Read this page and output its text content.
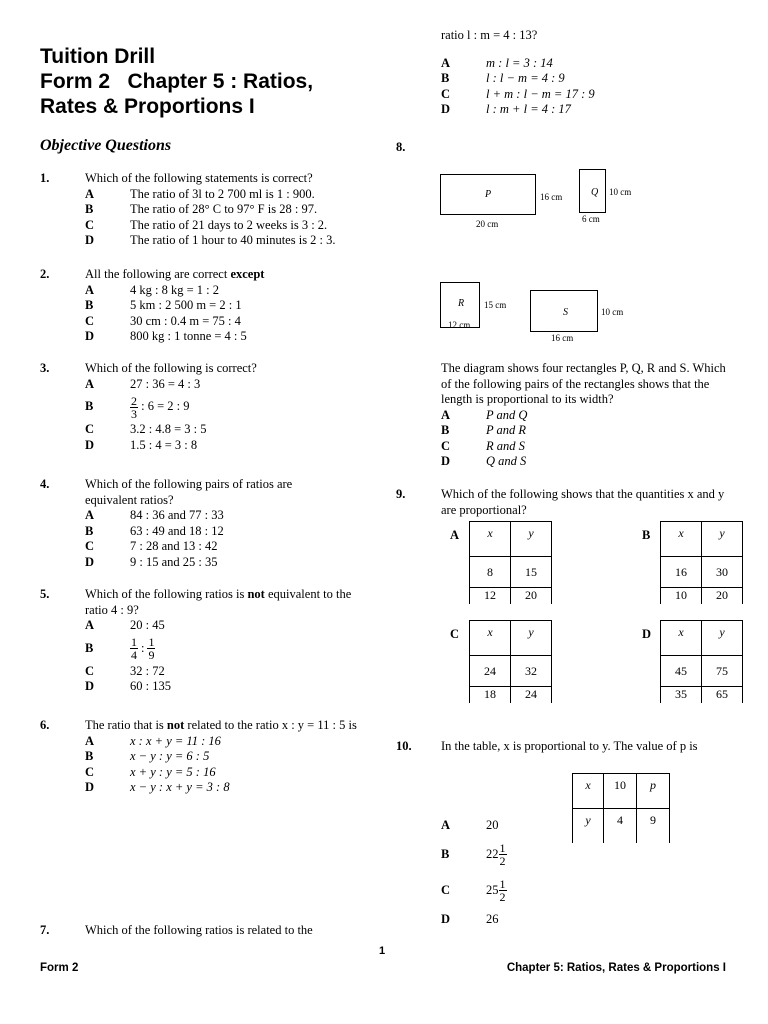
Tuition Drill
Form 2   Chapter 5 : Ratios,
Rates & Proportions I
Objective Questions
1.	Which of the following statements is correct?
A	The ratio of 3l to 2 700 ml is 1 : 900.
B	The ratio of 28° C to 97° F is 28 : 97.
C	The ratio of 21 days to 2 weeks is 3 : 2.
D	The ratio of 1 hour to 40 minutes is 2 : 3.
2.	All the following are correct except
A	4 kg : 8 kg = 1 : 2
B	5 km : 2 500 m = 2 : 1
C	30 cm : 0.4 m = 75 : 4
D	800 kg : 1 tonne = 4 : 5
3.	Which of the following is correct?
A	27 : 36 = 4 : 3
B	$\frac{2}{3}$ : 6 = 2 : 9
C	3.2 : 4.8 = 3 : 5
D	1.5 : 4 = 3 : 8
4.	Which of the following pairs of ratios are equivalent ratios?
A	84 : 36 and 77 : 33
B	63 : 49 and 18 : 12
C	7 : 28 and 13 : 42
D	9 : 15 and 25 : 35
5.	Which of the following ratios is not equivalent to the ratio 4 : 9?
A	20 : 45
B	$\frac{1}{4}$ : $\frac{1}{9}$
C	32 : 72
D	60 : 135
6.	The ratio that is not related to the ratio x : y = 11 : 5 is
A	x : x + y = 11 : 16
B	x − y : y = 6 : 5
C	x + y : y = 5 : 16
D	x − y : x + y = 3 : 8
7.	Which of the following ratios is related to the
ratio l : m = 4 : 13?
A	m : l = 3 : 14
B	l : l − m = 4 : 9
C	l + m : l − m = 17 : 9
D	l : m + l = 4 : 17
8.
P	16 cm
20 cm
Q 10 cm
6 cm
R 15 cm
12 cm
S	10 cm
16 cm
The diagram shows four rectangles P, Q, R and S. Which of the following pairs of the rectangles shows that the length is proportional to its width?
A	P and Q
B	P and R
C	R and S
D	Q and S
9.	Which of the following shows that the quantities x and y are proportional?
A x	y
8	15
12	20
B x	y
16	30
10	20
C x	y
24	32
18	24
D x	y
45	75
35	65
10. In the table, x is proportional to y. The value of p is
x	10	p
y	4	9
A	20
B	$22 \frac{1}{2}$
C	$25 \frac{1}{2}$
D	26
1
Form 2	Chapter 5: Ratios, Rates & Proportions I
